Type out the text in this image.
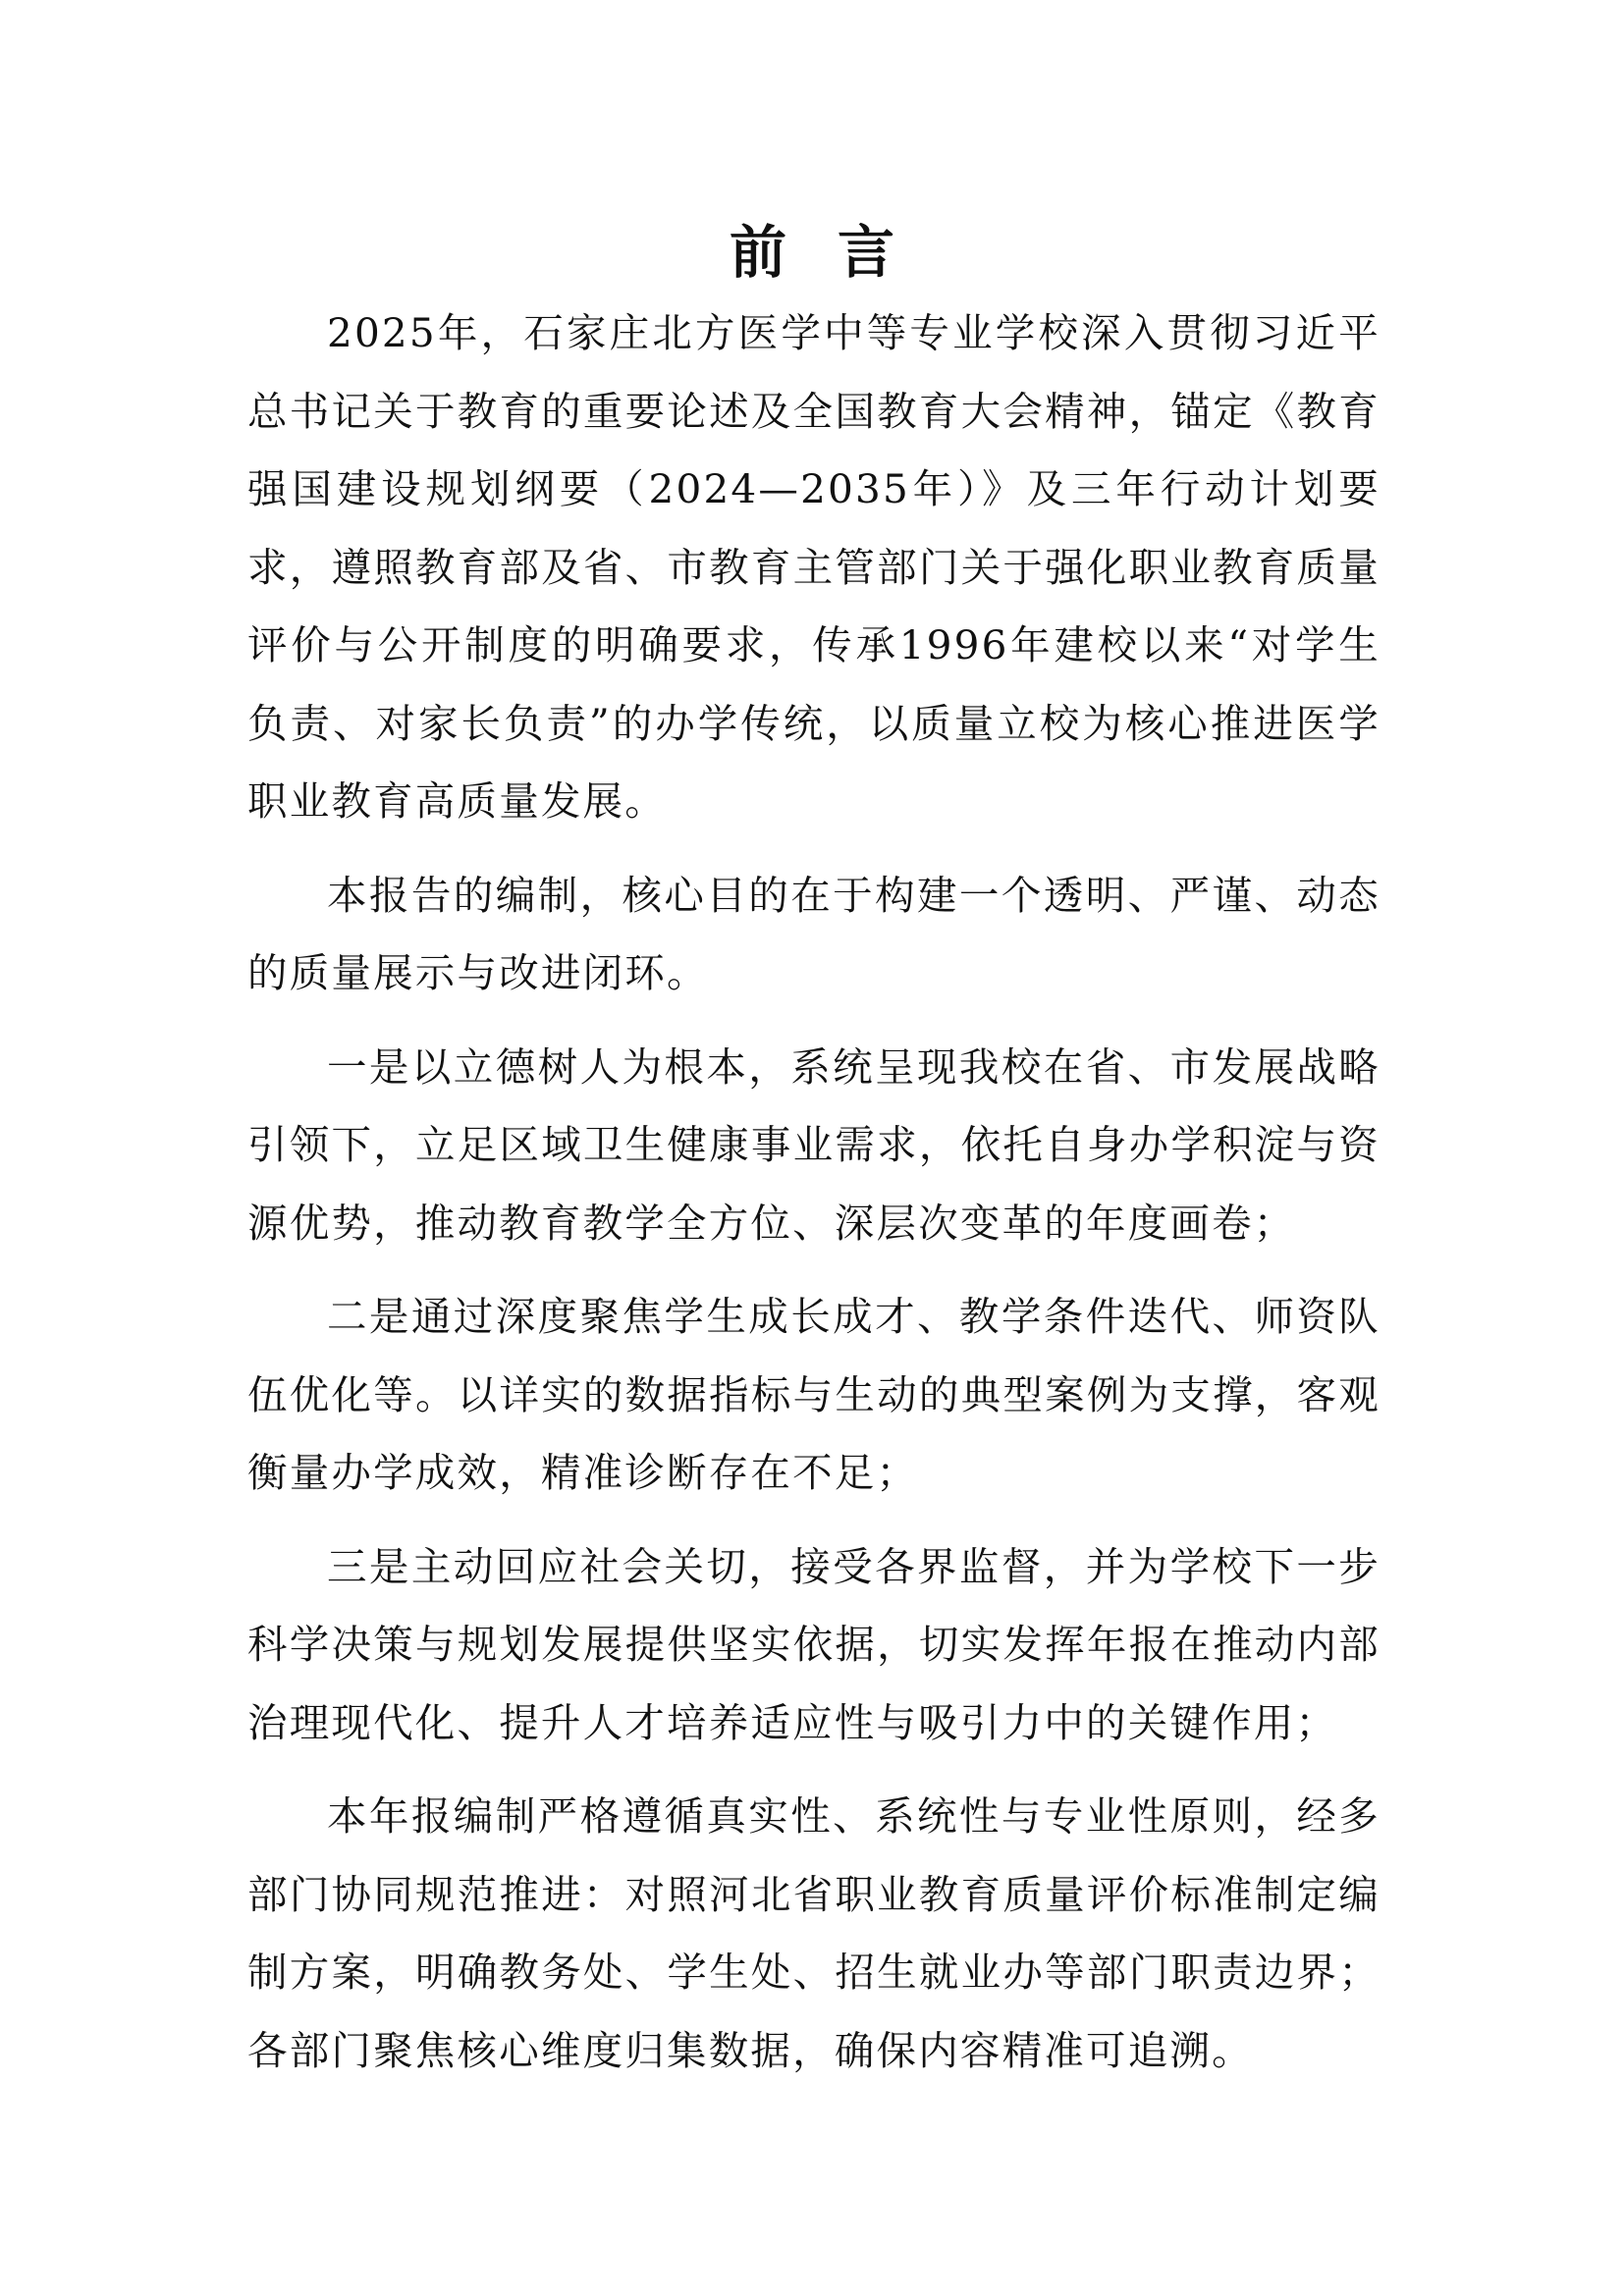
前言

2025年，石家庄北方医学中等专业学校深入贯彻习近平总书记关于教育的重要论述及全国教育大会精神，锚定《教育强国建设规划纲要（2024—2035年）》及三年行动计划要求，遵照教育部及省、市教育主管部门关于强化职业教育质量评价与公开制度的明确要求，传承1996年建校以来“对学生负责、对家长负责”的办学传统，以质量立校为核心推进医学职业教育高质量发展。

本报告的编制，核心目的在于构建一个透明、严谨、动态的质量展示与改进闭环。

一是以立德树人为根本，系统呈现我校在省、市发展战略引领下，立足区域卫生健康事业需求，依托自身办学积淀与资源优势，推动教育教学全方位、深层次变革的年度画卷；

二是通过深度聚焦学生成长成才、教学条件迭代、师资队伍优化等。以详实的数据指标与生动的典型案例为支撑，客观衡量办学成效，精准诊断存在不足；

三是主动回应社会关切，接受各界监督，并为学校下一步科学决策与规划发展提供坚实依据，切实发挥年报在推动内部治理现代化、提升人才培养适应性与吸引力中的关键作用；

本年报编制严格遵循真实性、系统性与专业性原则，经多部门协同规范推进：对照河北省职业教育质量评价标准制定编制方案，明确教务处、学生处、招生就业办等部门职责边界；各部门聚焦核心维度归集数据，确保内容精准可追溯。
